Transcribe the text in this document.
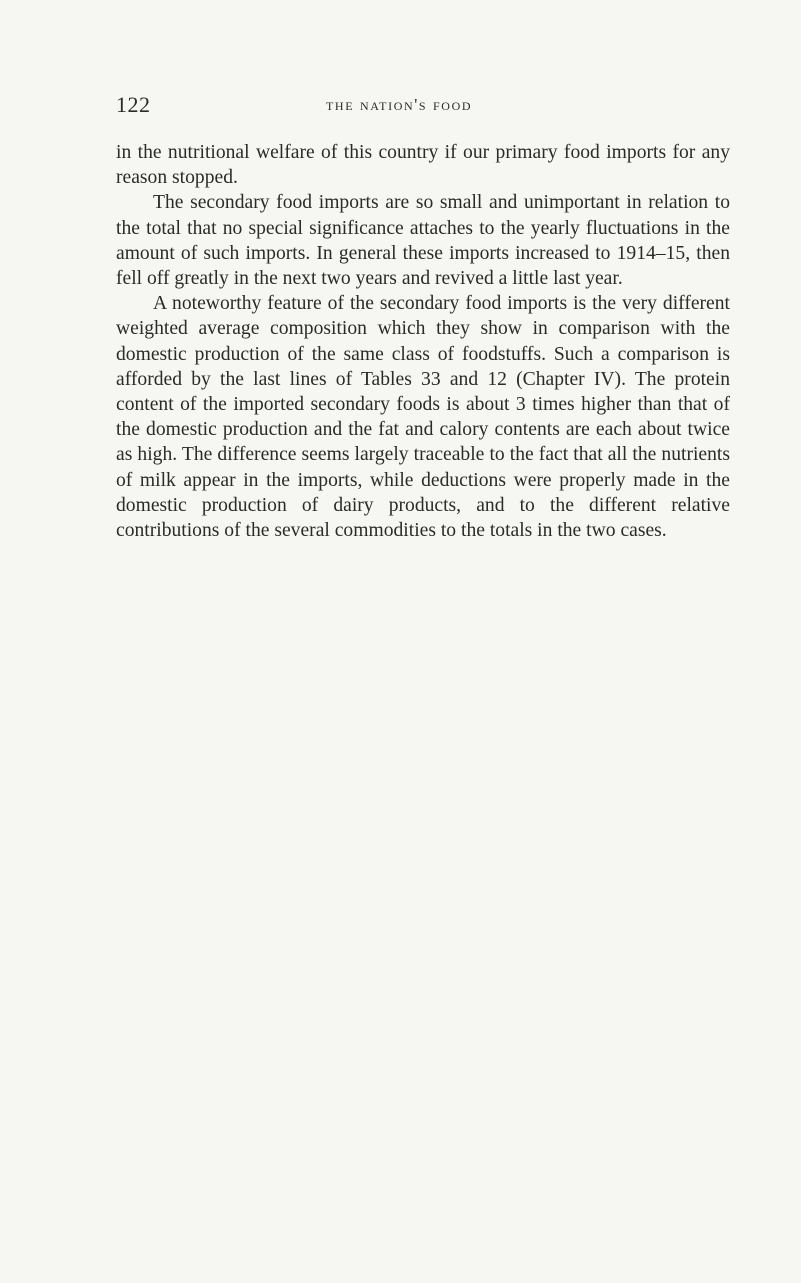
122	the nation's food

in the nutritional welfare of this country if our primary food imports for any reason stopped.

The secondary food imports are so small and unimportant in relation to the total that no special significance attaches to the yearly fluctuations in the amount of such imports. In general these imports increased to 1914–15, then fell off greatly in the next two years and revived a little last year.

A noteworthy feature of the secondary food imports is the very different weighted average composition which they show in comparison with the domestic production of the same class of foodstuffs. Such a comparison is afforded by the last lines of Tables 33 and 12 (Chapter IV). The protein content of the imported secondary foods is about 3 times higher than that of the domestic production and the fat and calory contents are each about twice as high. The difference seems largely traceable to the fact that all the nutrients of milk appear in the imports, while deductions were properly made in the domestic production of dairy products, and to the different relative contributions of the several commodities to the totals in the two cases.
